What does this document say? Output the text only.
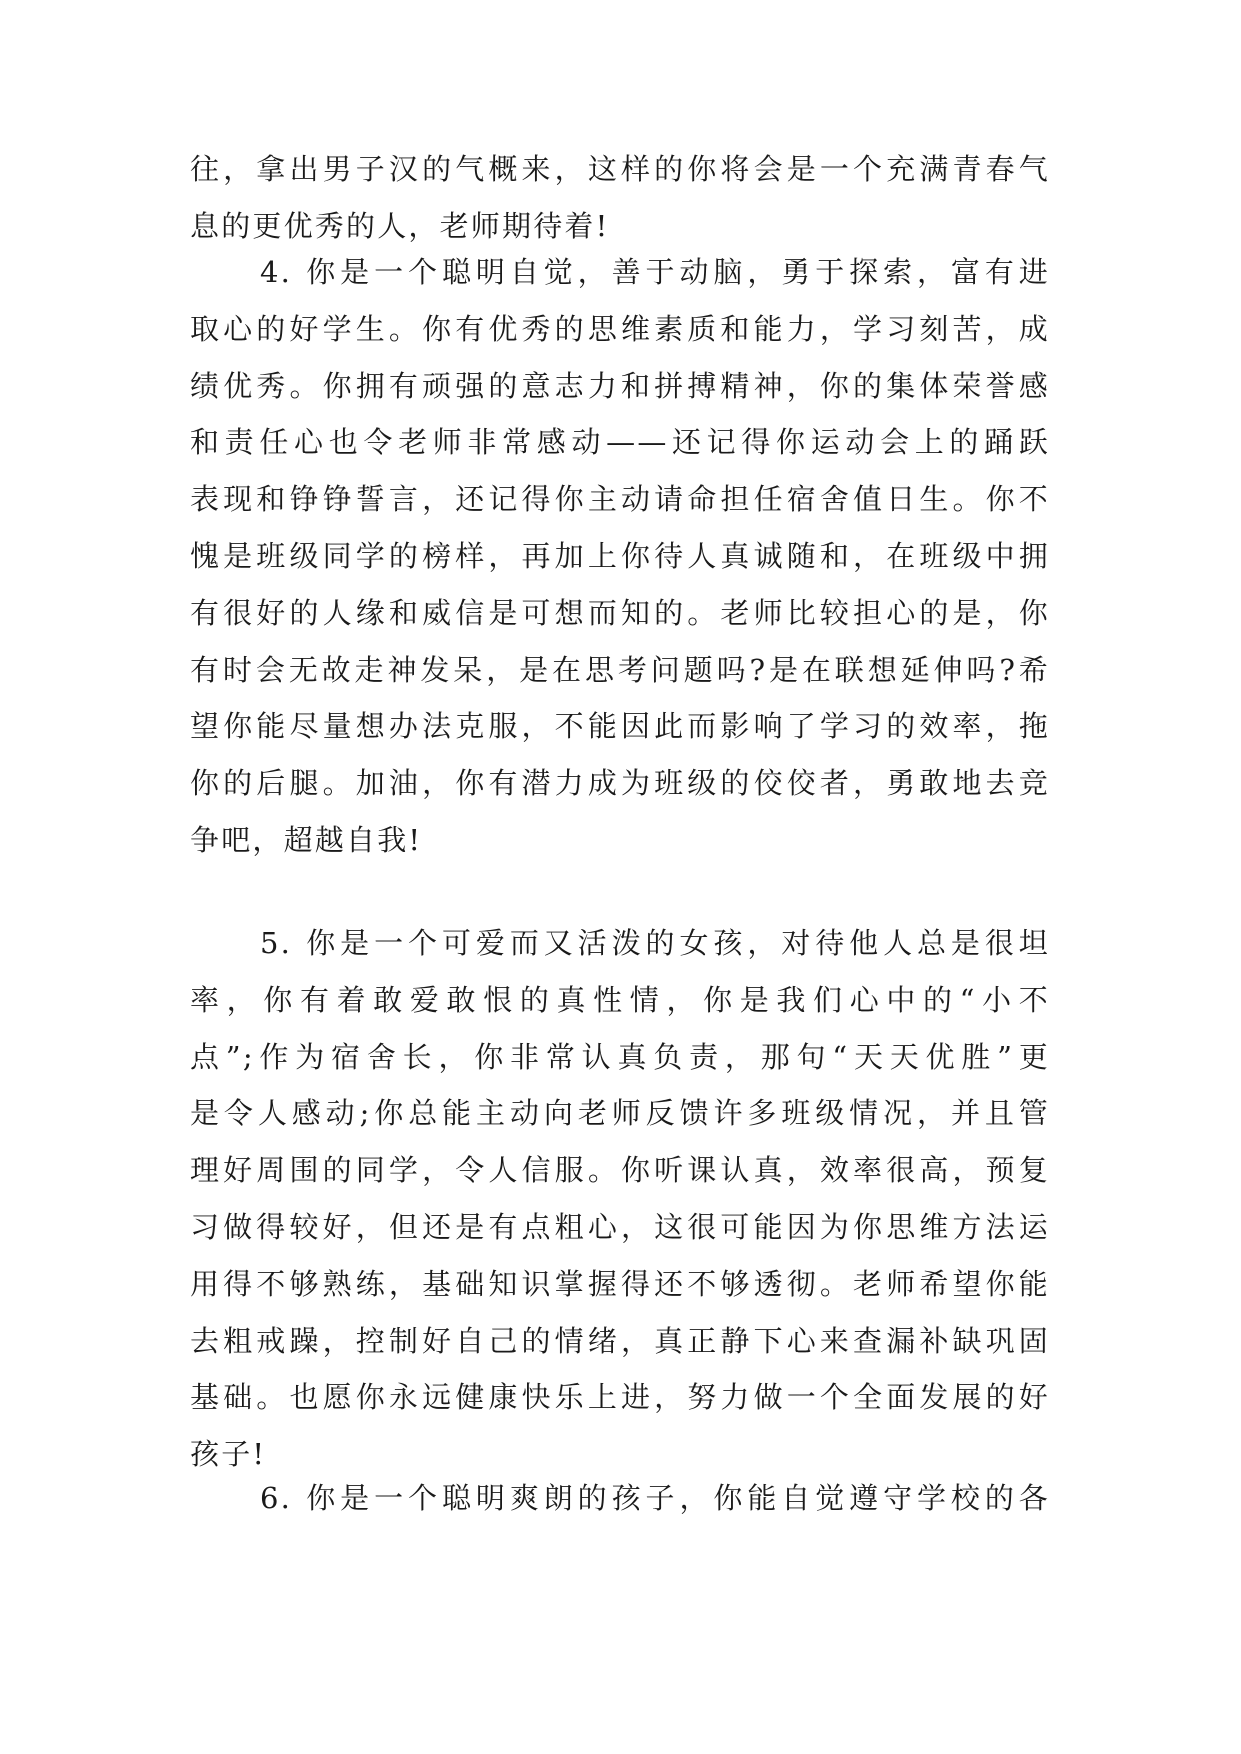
往，拿出男子汉的气概来，这样的你将会是一个充满青春气
息的更优秀的人，老师期待着!
4. 你是一个聪明自觉，善于动脑，勇于探索，富有进
取心的好学生。你有优秀的思维素质和能力，学习刻苦，成
绩优秀。你拥有顽强的意志力和拼搏精神，你的集体荣誉感
和责任心也令老师非常感动——还记得你运动会上的踊跃
表现和铮铮誓言，还记得你主动请命担任宿舍值日生。你不
愧是班级同学的榜样，再加上你待人真诚随和，在班级中拥
有很好的人缘和威信是可想而知的。老师比较担心的是，你
有时会无故走神发呆，是在思考问题吗?是在联想延伸吗?希
望你能尽量想办法克服，不能因此而影响了学习的效率，拖
你的后腿。加油，你有潜力成为班级的佼佼者，勇敢地去竞
争吧，超越自我!
5. 你是一个可爱而又活泼的女孩，对待他人总是很坦
率，你有着敢爱敢恨的真性情，你是我们心中的“小不
点”;作为宿舍长，你非常认真负责，那句“天天优胜”更
是令人感动;你总能主动向老师反馈许多班级情况，并且管
理好周围的同学，令人信服。你听课认真，效率很高，预复
习做得较好，但还是有点粗心，这很可能因为你思维方法运
用得不够熟练，基础知识掌握得还不够透彻。老师希望你能
去粗戒躁，控制好自己的情绪，真正静下心来查漏补缺巩固
基础。也愿你永远健康快乐上进，努力做一个全面发展的好
孩子!
6. 你是一个聪明爽朗的孩子，你能自觉遵守学校的各
